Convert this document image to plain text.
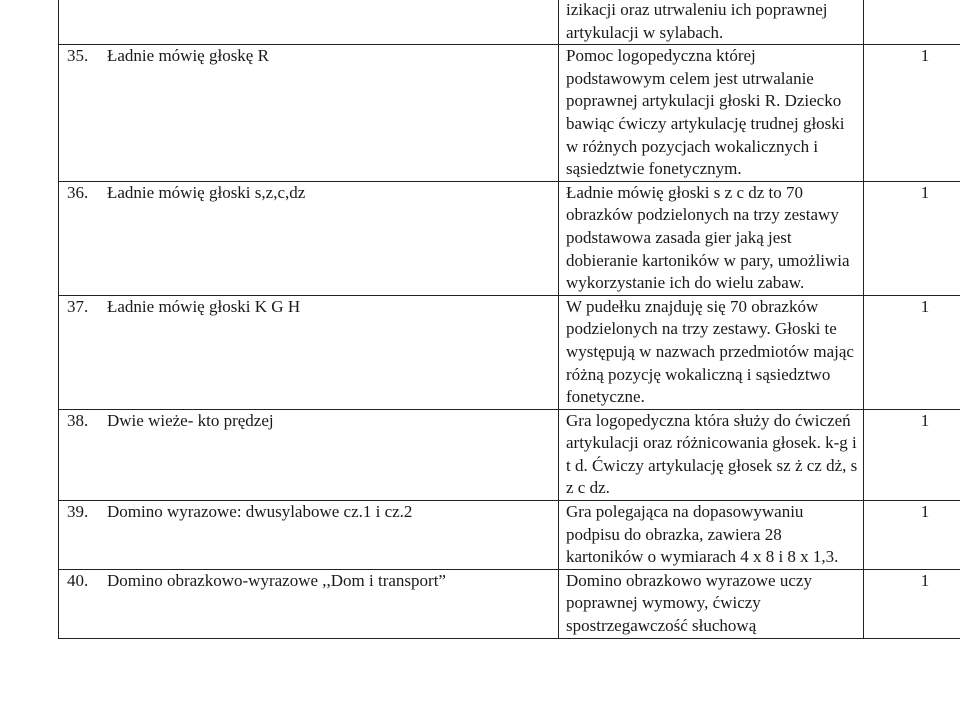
	izikacji oraz utrwaleniu ich poprawnej artykulacji w sylabach.	

35. Ładnie mówię głoskę R	Pomoc logopedyczna której podstawowym celem jest utrwalanie poprawnej artykulacji głoski R. Dziecko bawiąc ćwiczy artykulację trudnej głoski w różnych pozycjach wokalicznych i sąsiedztwie fonetycznym.	1

36. Ładnie mówię głoski s,z,c,dz	Ładnie mówię głoski s z c dz to 70 obrazków podzielonych na trzy zestawy podstawowa zasada gier jaką jest dobieranie kartoników w pary, umożliwia wykorzystanie ich do wielu zabaw.	1

37. Ładnie mówię głoski K G H	W pudełku znajduję się 70 obrazków podzielonych na trzy zestawy. Głoski te występują w nazwach przedmiotów mając różną pozycję wokaliczną i sąsiedztwo fonetyczne.	1

38. Dwie wieże- kto prędzej	Gra logopedyczna która służy do ćwiczeń artykulacji oraz różnicowania głosek. k-g i t d. Ćwiczy artykulację głosek sz ż cz dż, s z c dz.	1

39. Domino wyrazowe: dwusylabowe cz.1 i cz.2	Gra polegająca na dopasowywaniu podpisu do obrazka, zawiera 28 kartoników o wymiarach 4 x 8 i 8 x 1,3.	1

40. Domino obrazkowo-wyrazowe ,,Dom i transport”	Domino obrazkowo wyrazowe uczy poprawnej wymowy, ćwiczy spostrzegawczość słuchową	1
